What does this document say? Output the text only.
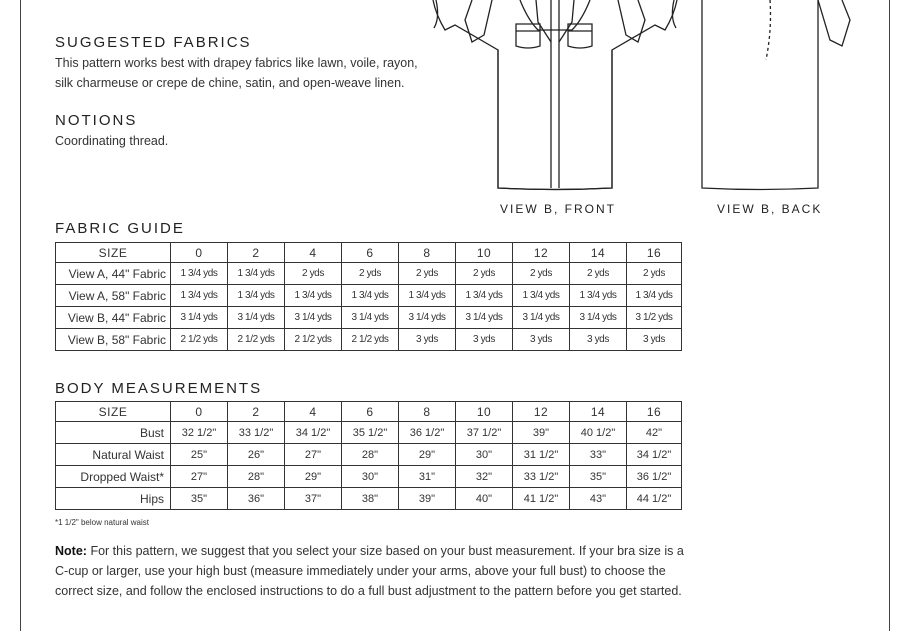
SUGGESTED FABRICS
This pattern works best with drapey fabrics like lawn, voile, rayon,
silk charmeuse or crepe de chine, satin, and open-weave linen.
NOTIONS
Coordinating thread.
VIEW B, FRONT	VIEW B, BACK
FABRIC GUIDE
SIZE	0	2	4	6	8	10	12	14	16
View A, 44" Fabric	1 3/4 yds	1 3/4 yds	2 yds	2 yds	2 yds	2 yds	2 yds	2 yds	2 yds
View A, 58" Fabric	1 3/4 yds	1 3/4 yds	1 3/4 yds	1 3/4 yds	1 3/4 yds	1 3/4 yds	1 3/4 yds	1 3/4 yds	1 3/4 yds
View B, 44" Fabric	3 1/4 yds	3 1/4 yds	3 1/4 yds	3 1/4 yds	3 1/4 yds	3 1/4 yds	3 1/4 yds	3 1/4 yds	3 1/2 yds
View B, 58" Fabric	2 1/2 yds	2 1/2 yds	2 1/2 yds	2 1/2 yds	3 yds	3 yds	3 yds	3 yds	3 yds
BODY MEASUREMENTS
SIZE	0	2	4	6	8	10	12	14	16
Bust	32 1/2"	33 1/2"	34 1/2"	35 1/2"	36 1/2"	37 1/2"	39"	40 1/2"	42"
Natural Waist	25"	26"	27"	28"	29"	30"	31 1/2"	33"	34 1/2"
Dropped Waist*	27"	28"	29"	30"	31"	32"	33 1/2"	35"	36 1/2"
Hips	35"	36"	37"	38"	39"	40"	41 1/2"	43"	44 1/2"
*1 1/2" below natural waist

Note: For this pattern, we suggest that you select your size based on your bust measurement. If your bra size is a C-cup or larger, use your high bust (measure immediately under your arms, above your full bust) to choose the correct size, and follow the enclosed instructions to do a full bust adjustment to the pattern before you get started.
